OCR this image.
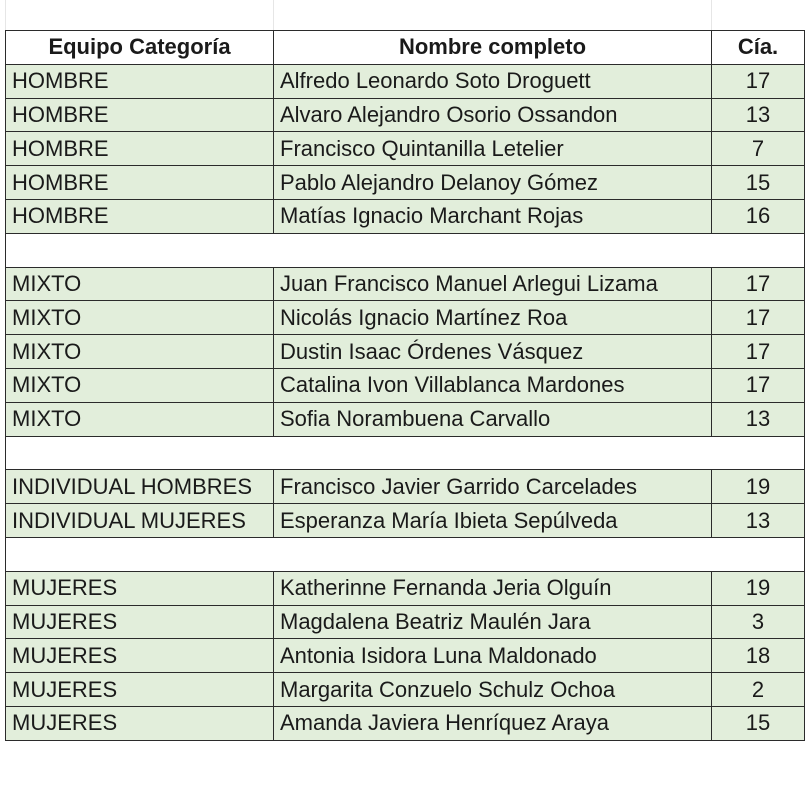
Equipo Categoría	Nombre completo	Cía.
HOMBRE	Alfredo Leonardo Soto Droguett	17
HOMBRE	Alvaro Alejandro Osorio Ossandon	13
HOMBRE	Francisco Quintanilla Letelier	7
HOMBRE	Pablo Alejandro Delanoy Gómez	15
HOMBRE	Matías Ignacio Marchant Rojas	16

MIXTO	Juan Francisco Manuel Arlegui Lizama	17
MIXTO	Nicolás Ignacio Martínez Roa	17
MIXTO	Dustin Isaac Órdenes Vásquez	17
MIXTO	Catalina Ivon Villablanca Mardones	17
MIXTO	Sofia Norambuena Carvallo	13

INDIVIDUAL HOMBRES	Francisco Javier Garrido Carcelades	19
INDIVIDUAL MUJERES	Esperanza María Ibieta Sepúlveda	13

MUJERES	Katherinne Fernanda Jeria Olguín	19
MUJERES	Magdalena Beatriz Maulén Jara	3
MUJERES	Antonia Isidora Luna Maldonado	18
MUJERES	Margarita Conzuelo Schulz Ochoa	2
MUJERES	Amanda Javiera Henríquez Araya	15
